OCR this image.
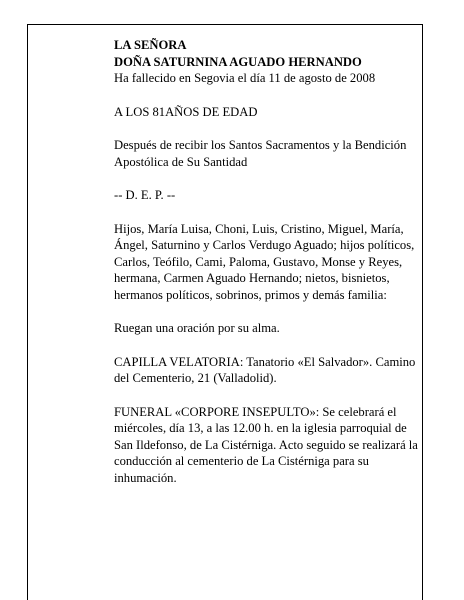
LA SEÑORA

DOÑA SATURNINA AGUADO HERNANDO

Ha fallecido en Segovia el día 11 de agosto de 2008

A LOS 81AÑOS DE EDAD

Después de recibir los Santos Sacramentos y la Bendición Apostólica de Su Santidad

-- D. E. P. --

Hijos, María Luisa, Choni, Luis, Cristino, Miguel, María, Ángel, Saturnino y Carlos Verdugo Aguado; hijos políticos, Carlos, Teófilo, Cami, Paloma, Gustavo, Monse y Reyes, hermana, Carmen Aguado Hernando; nietos, bisnietos, hermanos políticos, sobrinos, primos y demás familia:

Ruegan una oración por su alma.

CAPILLA VELATORIA: Tanatorio «El Salvador». Camino del Cementerio, 21 (Valladolid).

FUNERAL «CORPORE INSEPULTO»: Se celebrará el miércoles, día 13, a las 12.00 h. en la iglesia parroquial de San Ildefonso, de La Cistérniga. Acto seguido se realizará la conducción al cementerio de La Cistérniga para su inhumación.
